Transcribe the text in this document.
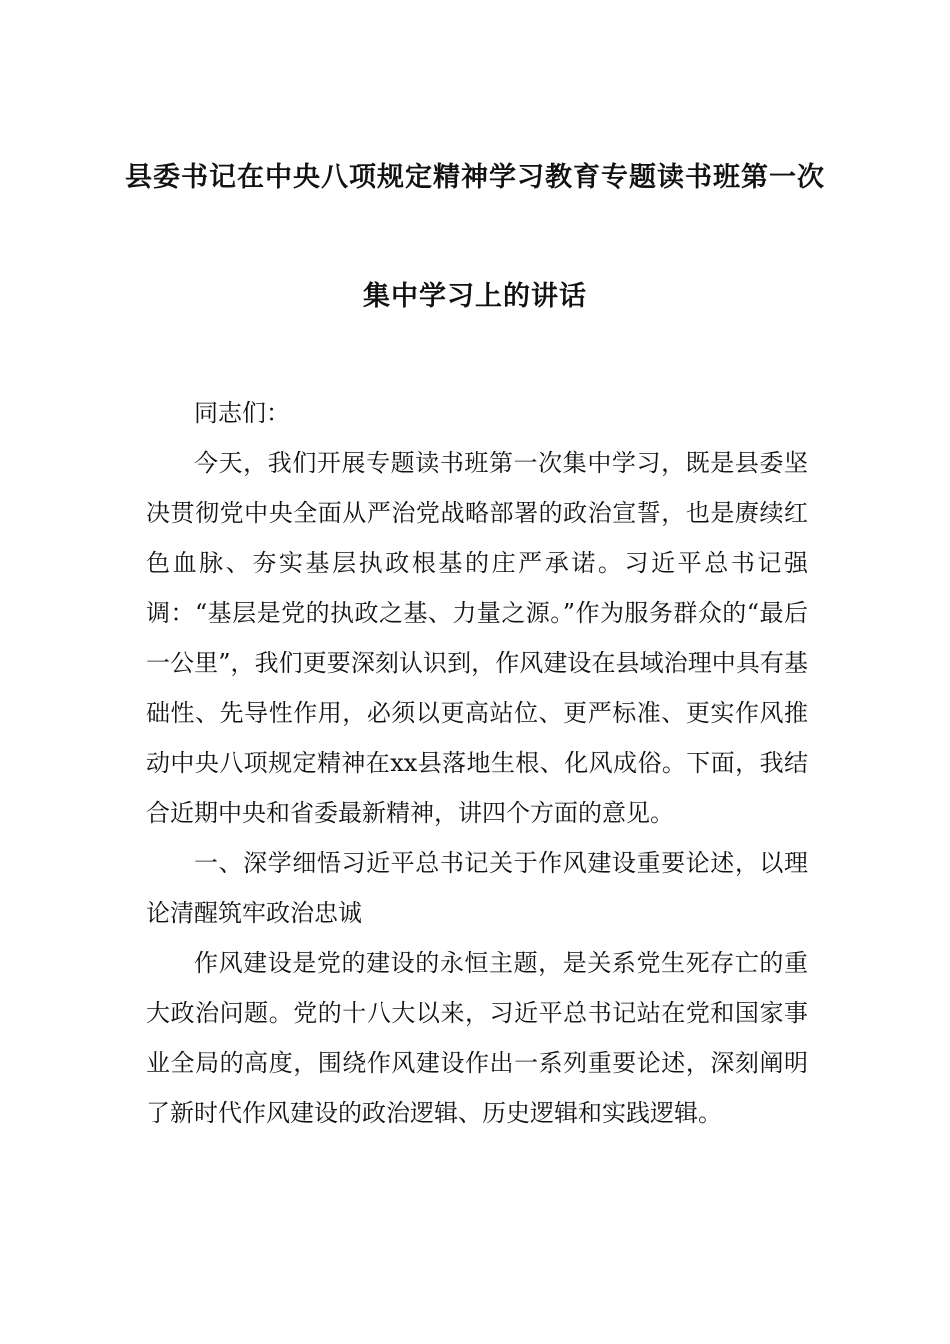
县委书记在中央八项规定精神学习教育专题读书班第一次
集中学习上的讲话

同志们：

今天，我们开展专题读书班第一次集中学习，既是县委坚决贯彻党中央全面从严治党战略部署的政治宣誓，也是赓续红色血脉、夯实基层执政根基的庄严承诺。习近平总书记强调：“基层是党的执政之基、力量之源。”作为服务群众的“最后一公里”，我们更要深刻认识到，作风建设在县域治理中具有基础性、先导性作用，必须以更高站位、更严标准、更实作风推动中央八项规定精神在xx县落地生根、化风成俗。下面，我结合近期中央和省委最新精神，讲四个方面的意见。

一、深学细悟习近平总书记关于作风建设重要论述，以理论清醒筑牢政治忠诚

作风建设是党的建设的永恒主题，是关系党生死存亡的重大政治问题。党的十八大以来，习近平总书记站在党和国家事业全局的高度，围绕作风建设作出一系列重要论述，深刻阐明了新时代作风建设的政治逻辑、历史逻辑和实践逻辑。
